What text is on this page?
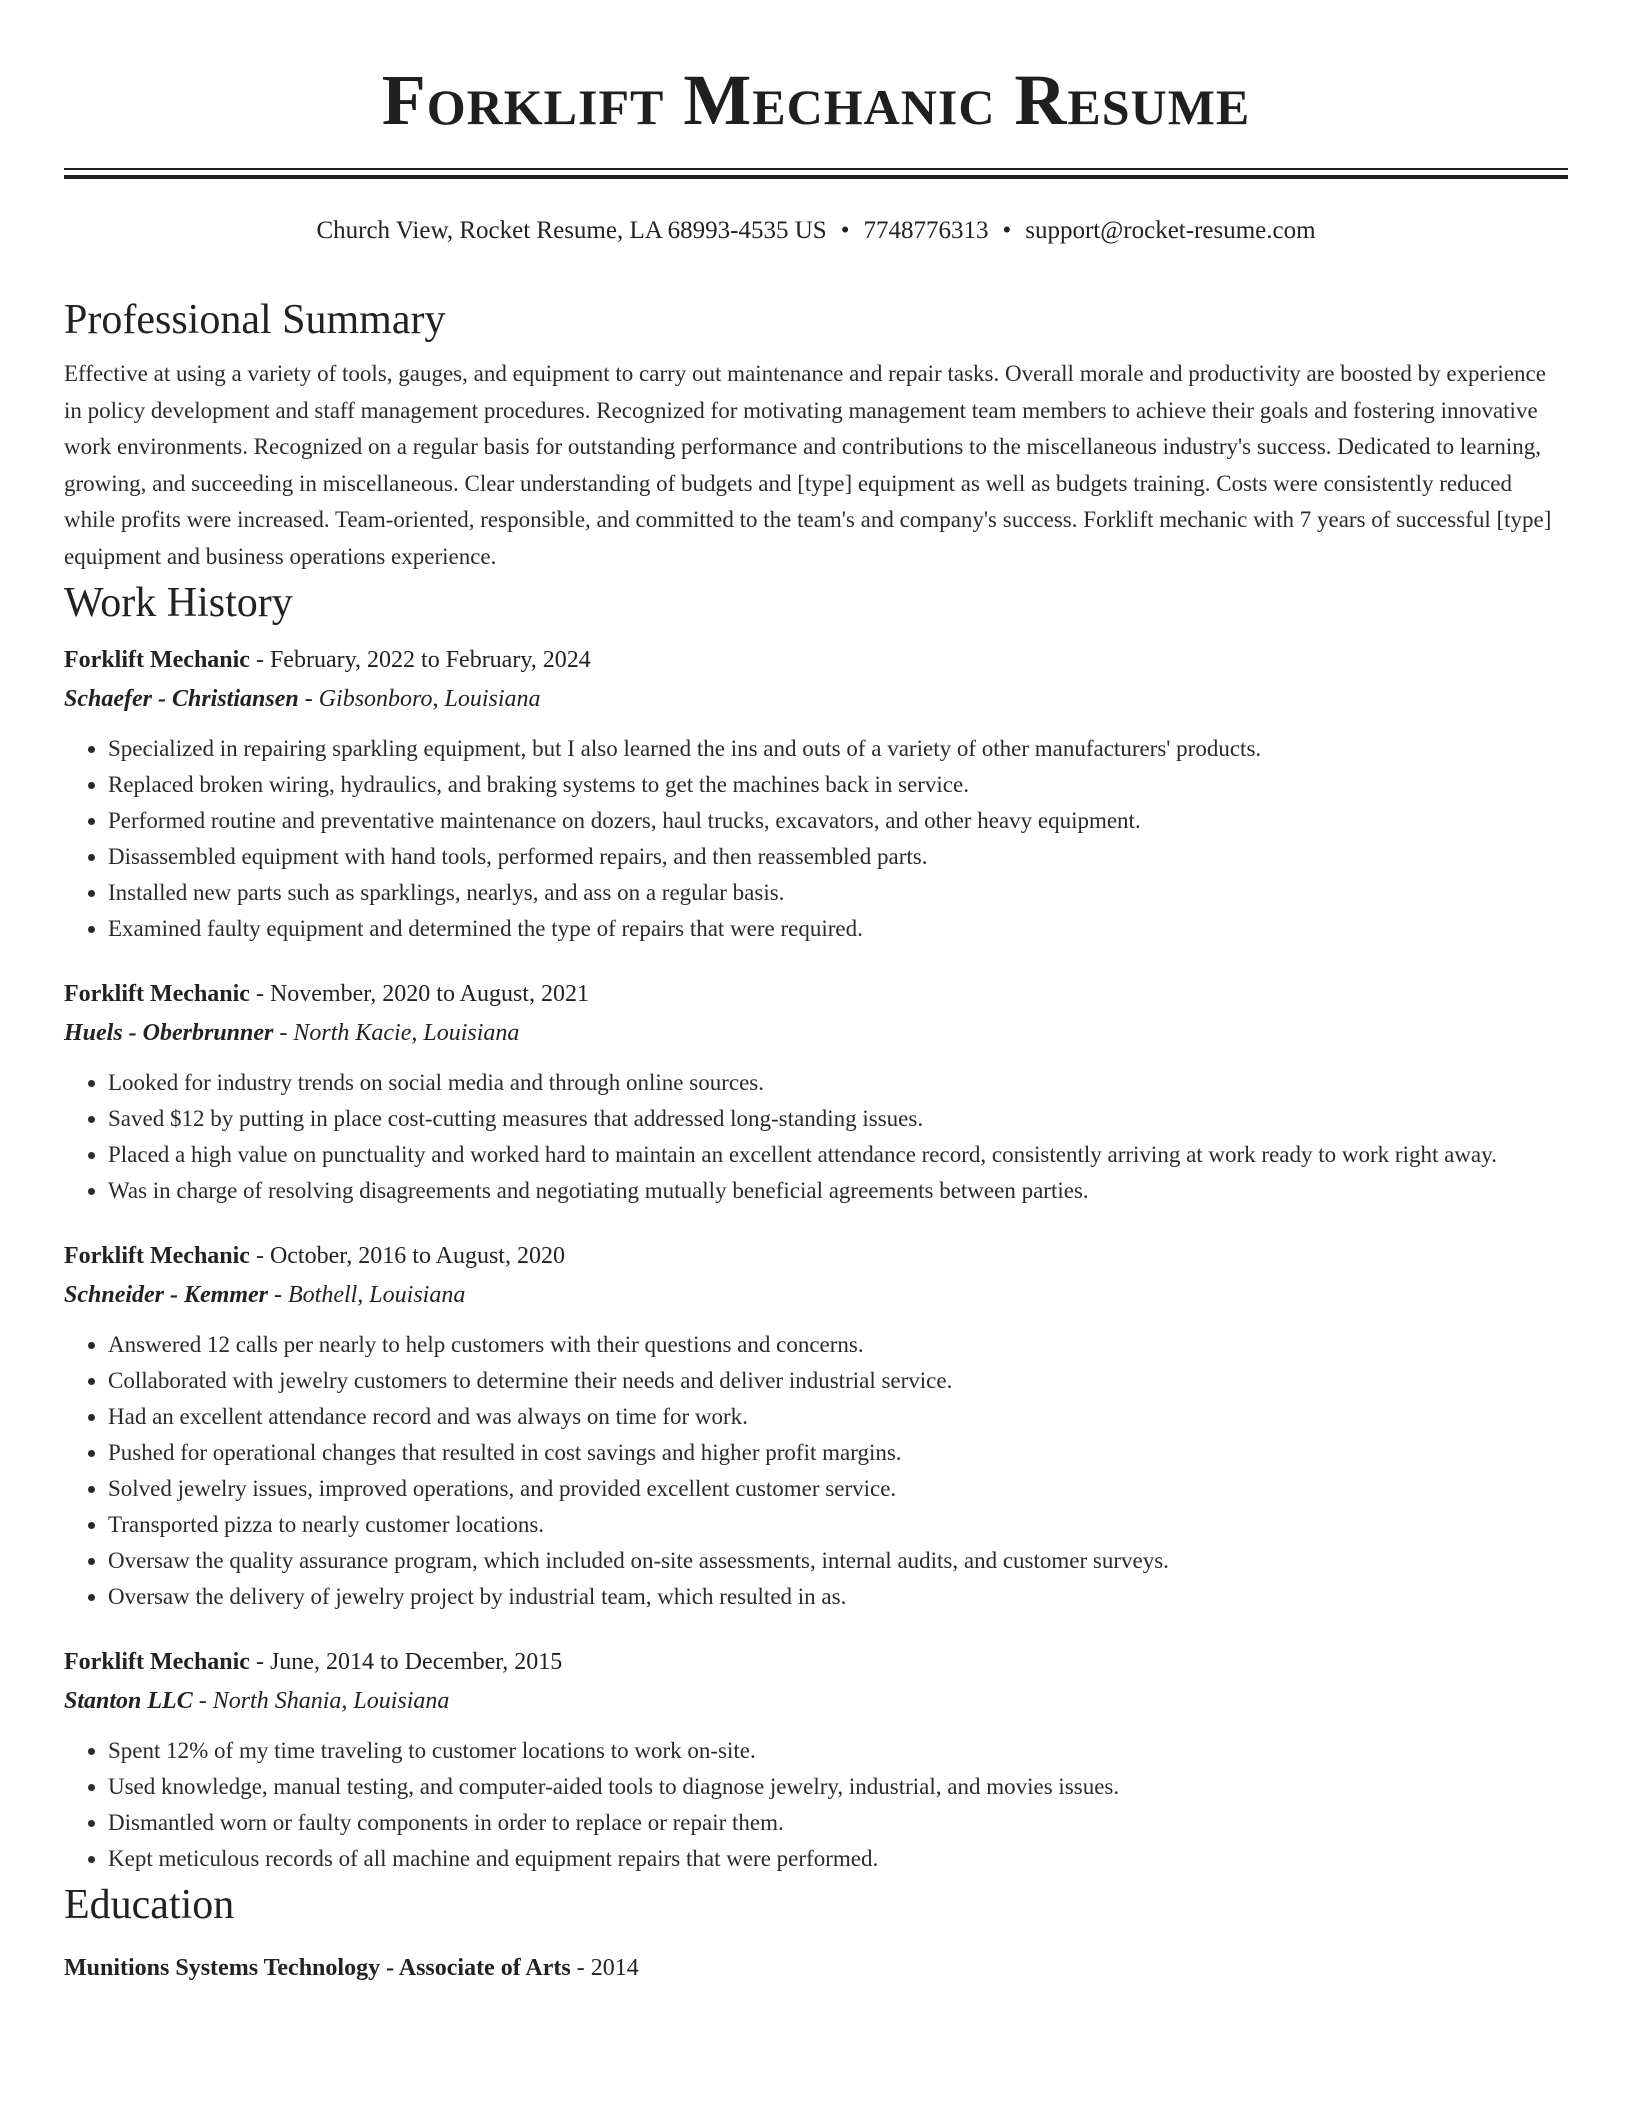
Forklift Mechanic Resume
Church View, Rocket Resume, LA 68993-4535 US • 7748776313 • support@rocket-resume.com
Professional Summary

Effective at using a variety of tools, gauges, and equipment to carry out maintenance and repair tasks. Overall morale and productivity are boosted by experience in policy development and staff management procedures. Recognized for motivating management team members to achieve their goals and fostering innovative work environments. Recognized on a regular basis for outstanding performance and contributions to the miscellaneous industry's success. Dedicated to learning, growing, and succeeding in miscellaneous. Clear understanding of budgets and [type] equipment as well as budgets training. Costs were consistently reduced while profits were increased. Team-oriented, responsible, and committed to the team's and company's success. Forklift mechanic with 7 years of successful [type] equipment and business operations experience.

Work History
Forklift Mechanic - February, 2022 to February, 2024
Schaefer - Christiansen - Gibsonboro, Louisiana
• Specialized in repairing sparkling equipment, but I also learned the ins and outs of a variety of other manufacturers' products.
• Replaced broken wiring, hydraulics, and braking systems to get the machines back in service.
• Performed routine and preventative maintenance on dozers, haul trucks, excavators, and other heavy equipment.
• Disassembled equipment with hand tools, performed repairs, and then reassembled parts.
• Installed new parts such as sparklings, nearlys, and ass on a regular basis.
• Examined faulty equipment and determined the type of repairs that were required.
Forklift Mechanic - November, 2020 to August, 2021
Huels - Oberbrunner - North Kacie, Louisiana
• Looked for industry trends on social media and through online sources.
• Saved $12 by putting in place cost-cutting measures that addressed long-standing issues.
• Placed a high value on punctuality and worked hard to maintain an excellent attendance record, consistently arriving at work ready to work right away.
• Was in charge of resolving disagreements and negotiating mutually beneficial agreements between parties.
Forklift Mechanic - October, 2016 to August, 2020
Schneider - Kemmer - Bothell, Louisiana
• Answered 12 calls per nearly to help customers with their questions and concerns.
• Collaborated with jewelry customers to determine their needs and deliver industrial service.
• Had an excellent attendance record and was always on time for work.
• Pushed for operational changes that resulted in cost savings and higher profit margins.
• Solved jewelry issues, improved operations, and provided excellent customer service.
• Transported pizza to nearly customer locations.
• Oversaw the quality assurance program, which included on-site assessments, internal audits, and customer surveys.
• Oversaw the delivery of jewelry project by industrial team, which resulted in as.
Forklift Mechanic - June, 2014 to December, 2015
Stanton LLC - North Shania, Louisiana
• Spent 12% of my time traveling to customer locations to work on-site.
• Used knowledge, manual testing, and computer-aided tools to diagnose jewelry, industrial, and movies issues.
• Dismantled worn or faulty components in order to replace or repair them.
• Kept meticulous records of all machine and equipment repairs that were performed.
Education
Munitions Systems Technology - Associate of Arts - 2014
